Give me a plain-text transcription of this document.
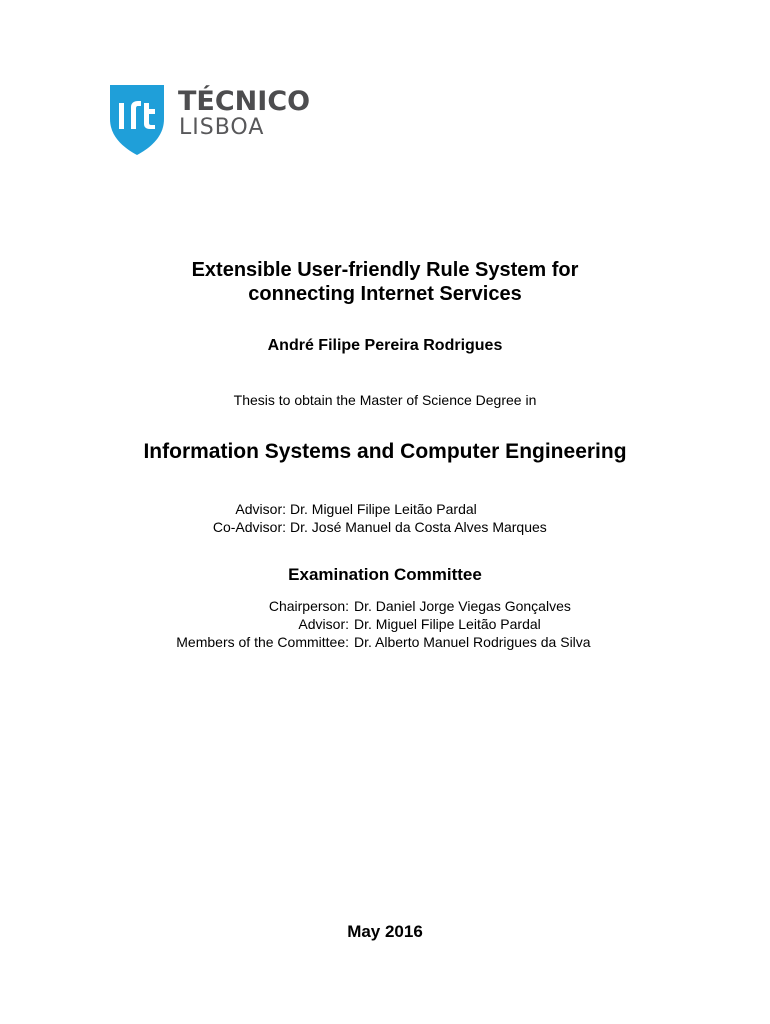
TÉCNICO
LISBOA
Extensible User-friendly Rule System for
connecting Internet Services
André Filipe Pereira Rodrigues
Thesis to obtain the Master of Science Degree in
Information Systems and Computer Engineering
Advisor: Dr. Miguel Filipe Leitão Pardal
Co-Advisor: Dr. José Manuel da Costa Alves Marques
Examination Committee
Chairperson: Dr. Daniel Jorge Viegas Gonçalves
Advisor: Dr. Miguel Filipe Leitão Pardal
Members of the Committee: Dr. Alberto Manuel Rodrigues da Silva
May 2016
